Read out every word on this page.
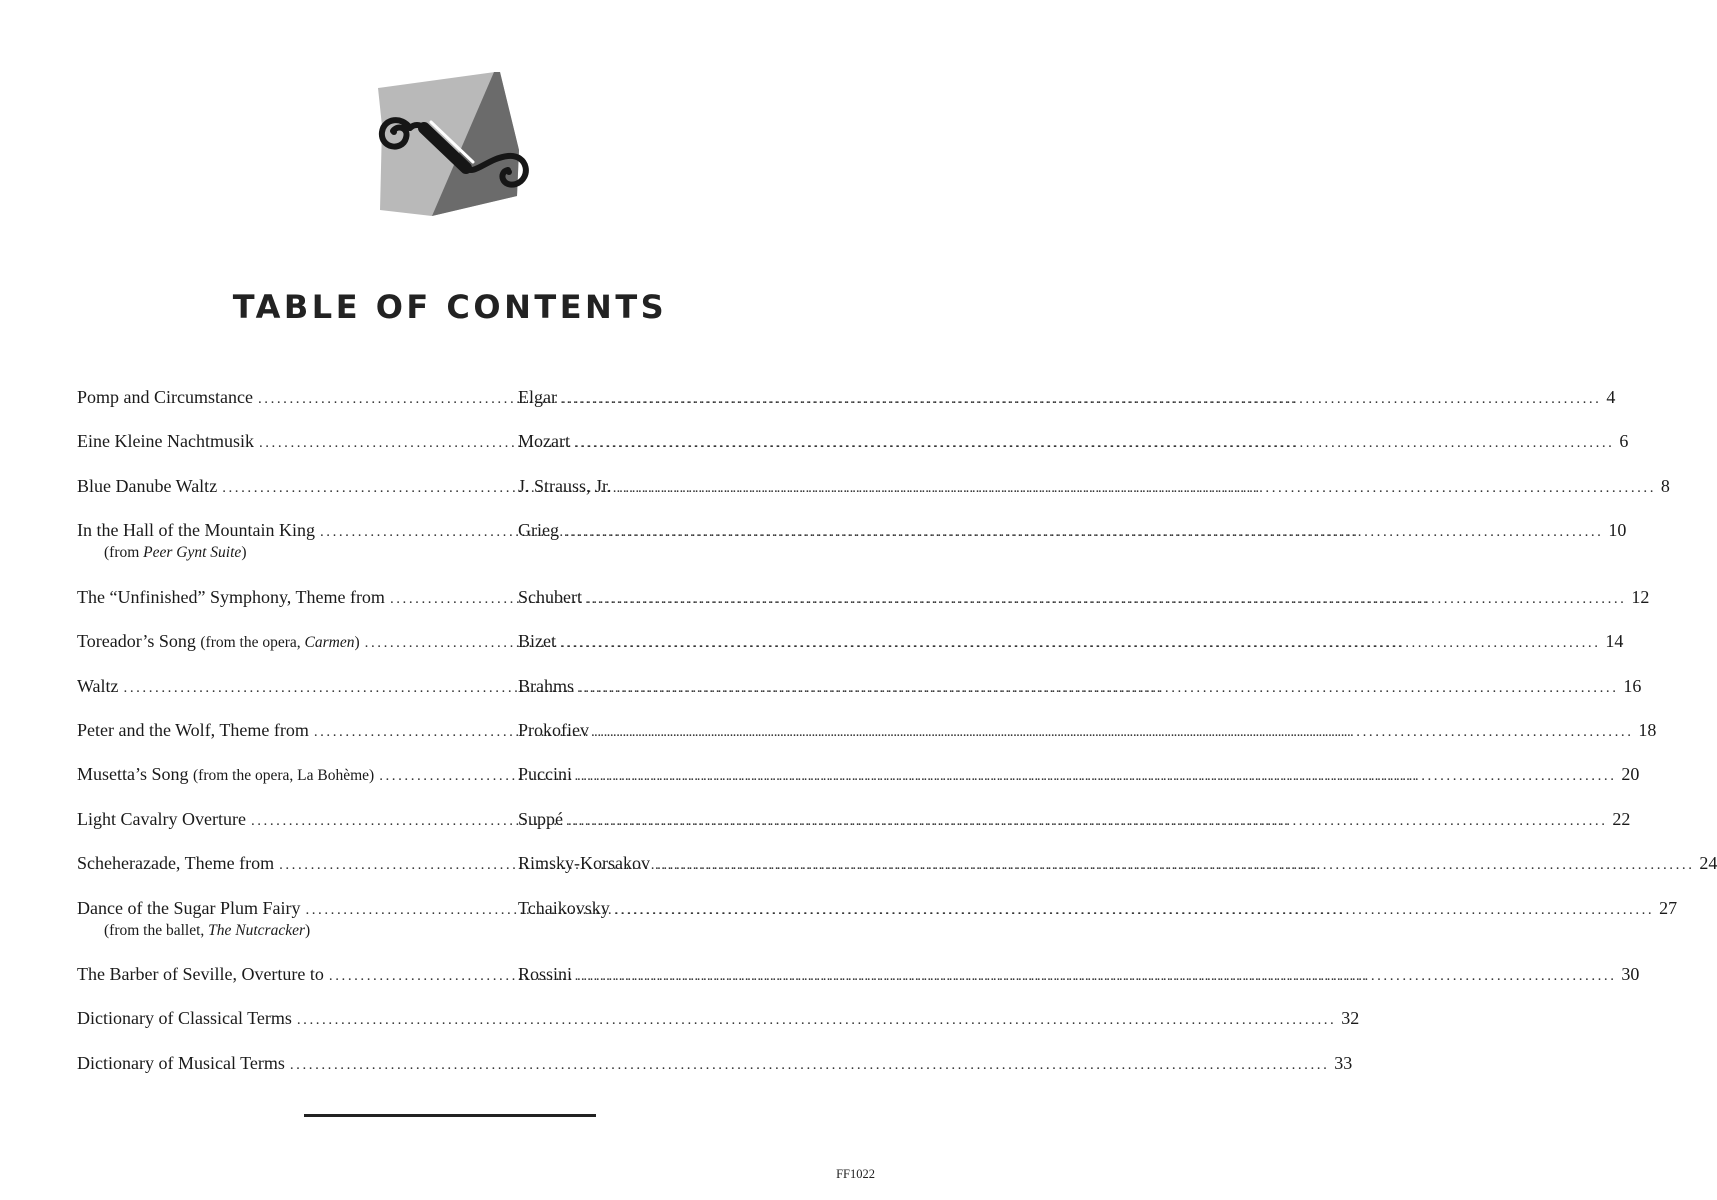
TABLE OF CONTENTS
Pomp and Circumstance . . .	Elgar . . .	4
Eine Kleine Nachtmusik . . .	Mozart . . .	6
Blue Danube Waltz . . .	J. Strauss, Jr. . . .	8
In the Hall of the Mountain King . . .	Grieg . . .	10
(from Peer Gynt Suite)
The “Unfinished” Symphony, Theme from . . .	Schubert . . .	12
Toreador’s Song (from the opera, Carmen) . . .	Bizet . . .	14
Waltz . . .	Brahms . . .	16
Peter and the Wolf, Theme from . . .	Prokofiev . . .	18
Musetta’s Song (from the opera, La Bohème) . . .	Puccini . . .	20
Light Cavalry Overture . . .	Suppé . . .	22
Scheherazade, Theme from . . .	Rimsky-Korsakov . . .	24
Dance of the Sugar Plum Fairy . . .	Tchaikovsky . . .	27
(from the ballet, The Nutcracker)
The Barber of Seville, Overture to . . .	Rossini . . .	30
Dictionary of Classical Terms . . .	32
Dictionary of Musical Terms . . .	33
FF1022
